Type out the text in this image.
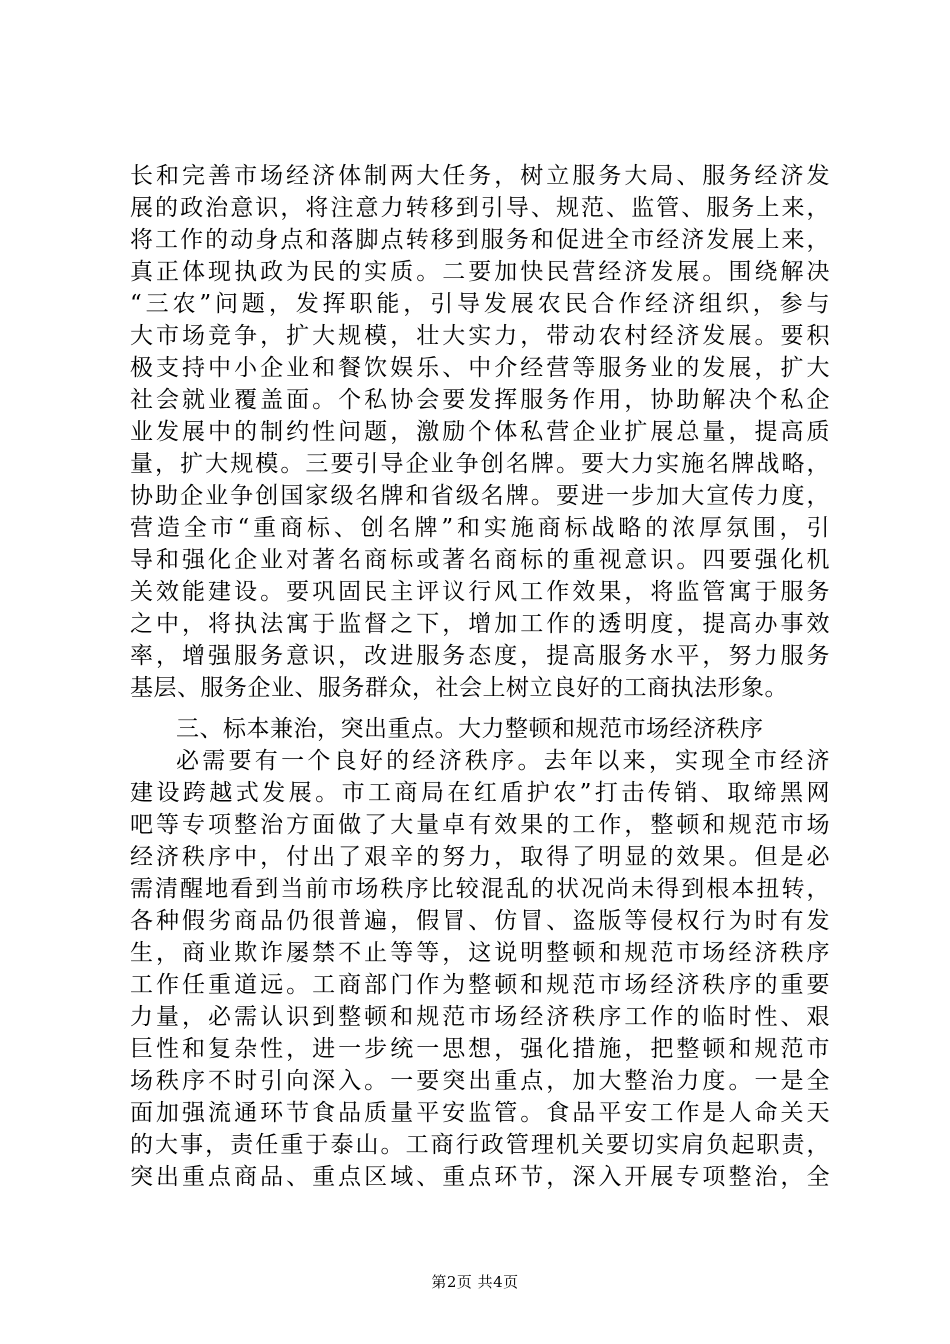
长和完善市场经济体制两大任务，树立服务大局、服务经济发
展的政治意识，将注意力转移到引导、规范、监管、服务上来，
将工作的动身点和落脚点转移到服务和促进全市经济发展上来，
真正体现执政为民的实质。二要加快民营经济发展。围绕解决
“三农”问题，发挥职能，引导发展农民合作经济组织，参与
大市场竞争，扩大规模，壮大实力，带动农村经济发展。要积
极支持中小企业和餐饮娱乐、中介经营等服务业的发展，扩大
社会就业覆盖面。个私协会要发挥服务作用，协助解决个私企
业发展中的制约性问题，激励个体私营企业扩展总量，提高质
量，扩大规模。三要引导企业争创名牌。要大力实施名牌战略，
协助企业争创国家级名牌和省级名牌。要进一步加大宣传力度，
营造全市“重商标、创名牌”和实施商标战略的浓厚氛围，引
导和强化企业对著名商标或著名商标的重视意识。四要强化机
关效能建设。要巩固民主评议行风工作效果，将监管寓于服务
之中，将执法寓于监督之下，增加工作的透明度，提高办事效
率，增强服务意识，改进服务态度，提高服务水平，努力服务
基层、服务企业、服务群众，社会上树立良好的工商执法形象。
三、标本兼治，突出重点。大力整顿和规范市场经济秩序
必需要有一个良好的经济秩序。去年以来，实现全市经济
建设跨越式发展。市工商局在红盾护农”打击传销、取缔黑网
吧等专项整治方面做了大量卓有效果的工作，整顿和规范市场
经济秩序中，付出了艰辛的努力，取得了明显的效果。但是必
需清醒地看到当前市场秩序比较混乱的状况尚未得到根本扭转，
各种假劣商品仍很普遍，假冒、仿冒、盗版等侵权行为时有发
生，商业欺诈屡禁不止等等，这说明整顿和规范市场经济秩序
工作任重道远。工商部门作为整顿和规范市场经济秩序的重要
力量，必需认识到整顿和规范市场经济秩序工作的临时性、艰
巨性和复杂性，进一步统一思想，强化措施，把整顿和规范市
场秩序不时引向深入。一要突出重点，加大整治力度。一是全
面加强流通环节食品质量平安监管。食品平安工作是人命关天
的大事，责任重于泰山。工商行政管理机关要切实肩负起职责，
突出重点商品、重点区域、重点环节，深入开展专项整治，全
第2页 共4页
